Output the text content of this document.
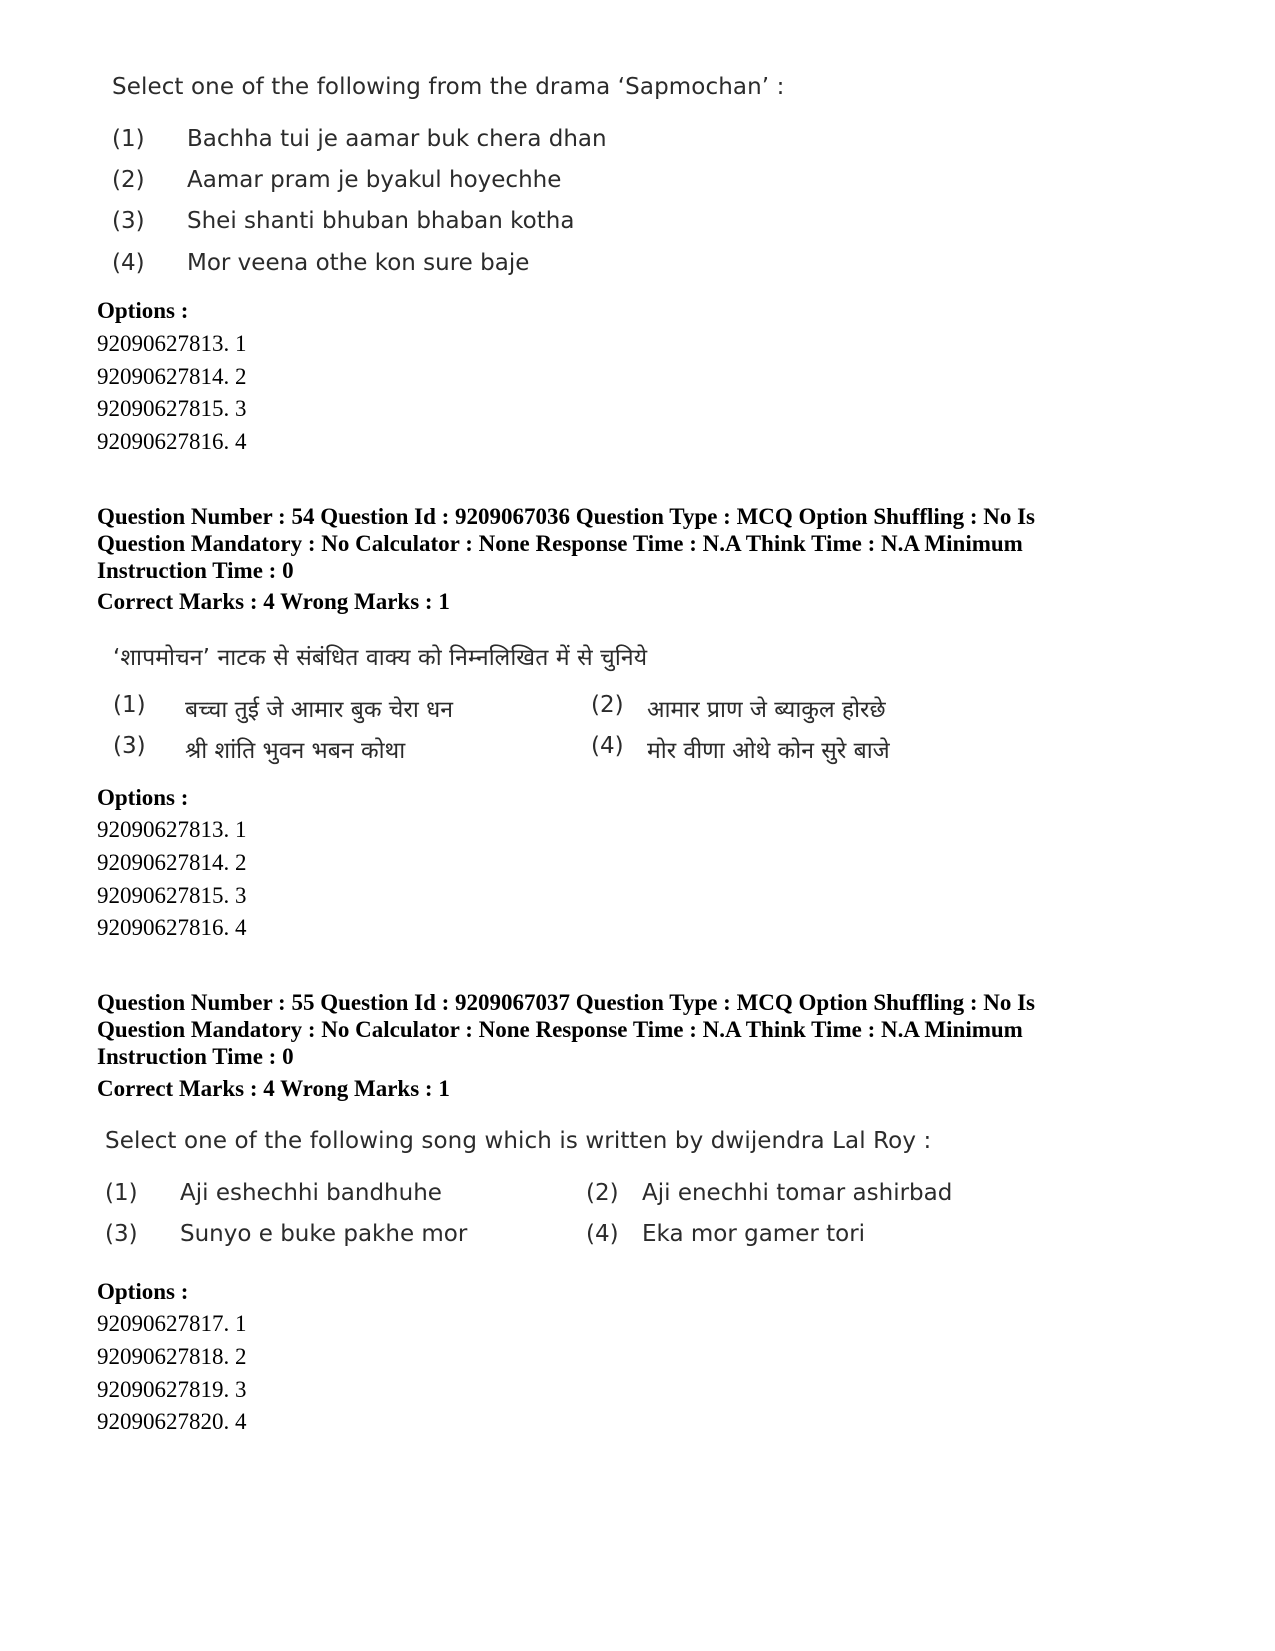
Select one of the following from the drama ‘Sapmochan’ :
(1) Bachha tui je aamar buk chera dhan
(2) Aamar pram je byakul hoyechhe
(3) Shei shanti bhuban bhaban kotha
(4) Mor veena othe kon sure baje
Options :
92090627813. 1
92090627814. 2
92090627815. 3
92090627816. 4
Question Number : 54 Question Id : 9209067036 Question Type : MCQ Option Shuffling : No Is
Question Mandatory : No Calculator : None Response Time : N.A Think Time : N.A Minimum
Instruction Time : 0
Correct Marks : 4 Wrong Marks : 1
‘शापमोचन’ नाटक से संबंधित वाक्य को निम्नलिखित में से चुनिये
(1) बच्चा तुई जे आमार बुक चेरा धन	(2) आमार प्राण जे ब्याकुल होरछे
(3) श्री शांति भुवन भबन कोथा	(4) मोर वीणा ओथे कोन सुरे बाजे
Options :
92090627813. 1
92090627814. 2
92090627815. 3
92090627816. 4
Question Number : 55 Question Id : 9209067037 Question Type : MCQ Option Shuffling : No Is
Question Mandatory : No Calculator : None Response Time : N.A Think Time : N.A Minimum
Instruction Time : 0
Correct Marks : 4 Wrong Marks : 1
Select one of the following song which is written by dwijendra Lal Roy :
(1) Aji eshechhi bandhuhe	(2) Aji enechhi tomar ashirbad
(3) Sunyo e buke pakhe mor	(4) Eka mor gamer tori
Options :
92090627817. 1
92090627818. 2
92090627819. 3
92090627820. 4
